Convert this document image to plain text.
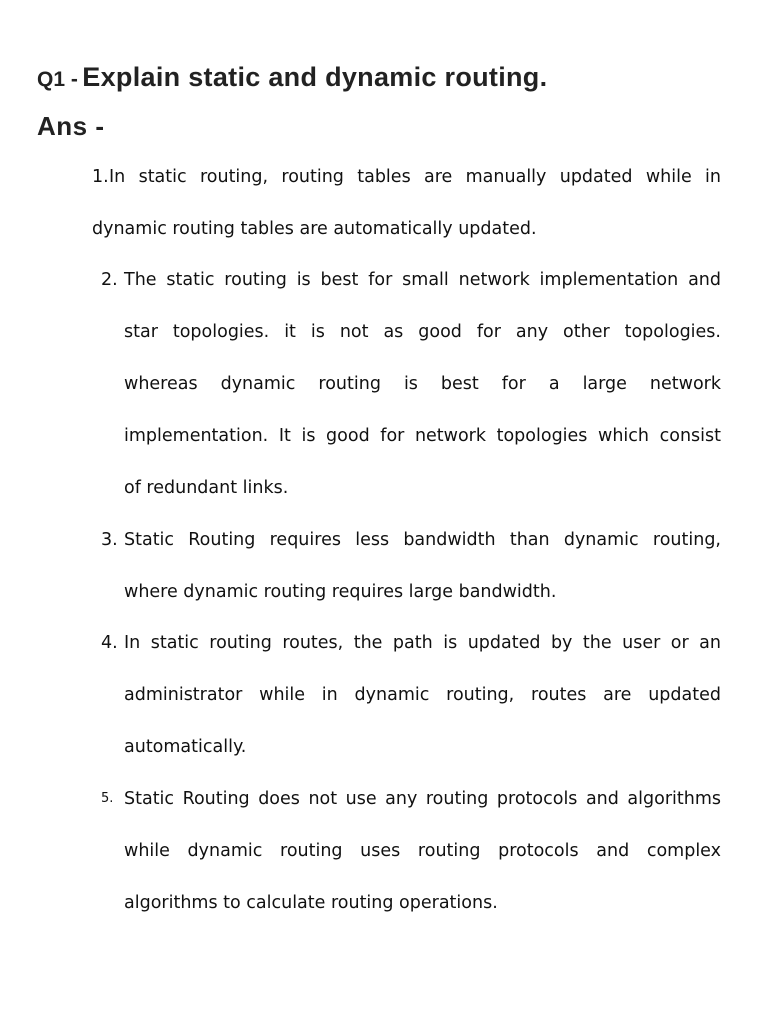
Q1 - Explain static and dynamic routing.
Ans -
1. In static routing, routing tables are manually updated while in
dynamic routing tables are automatically updated.
2. The static routing is best for small network implementation and
star topologies. it is not as good for any other topologies.
whereas dynamic routing is best for a large network
implementation. It is good for network topologies which consist
of redundant links.
3. Static Routing requires less bandwidth than dynamic routing,
where dynamic routing requires large bandwidth.
4. In static routing routes, the path is updated by the user or an
administrator while in dynamic routing, routes are updated
automatically.
5. Static Routing does not use any routing protocols and algorithms
while dynamic routing uses routing protocols and complex
algorithms to calculate routing operations.
